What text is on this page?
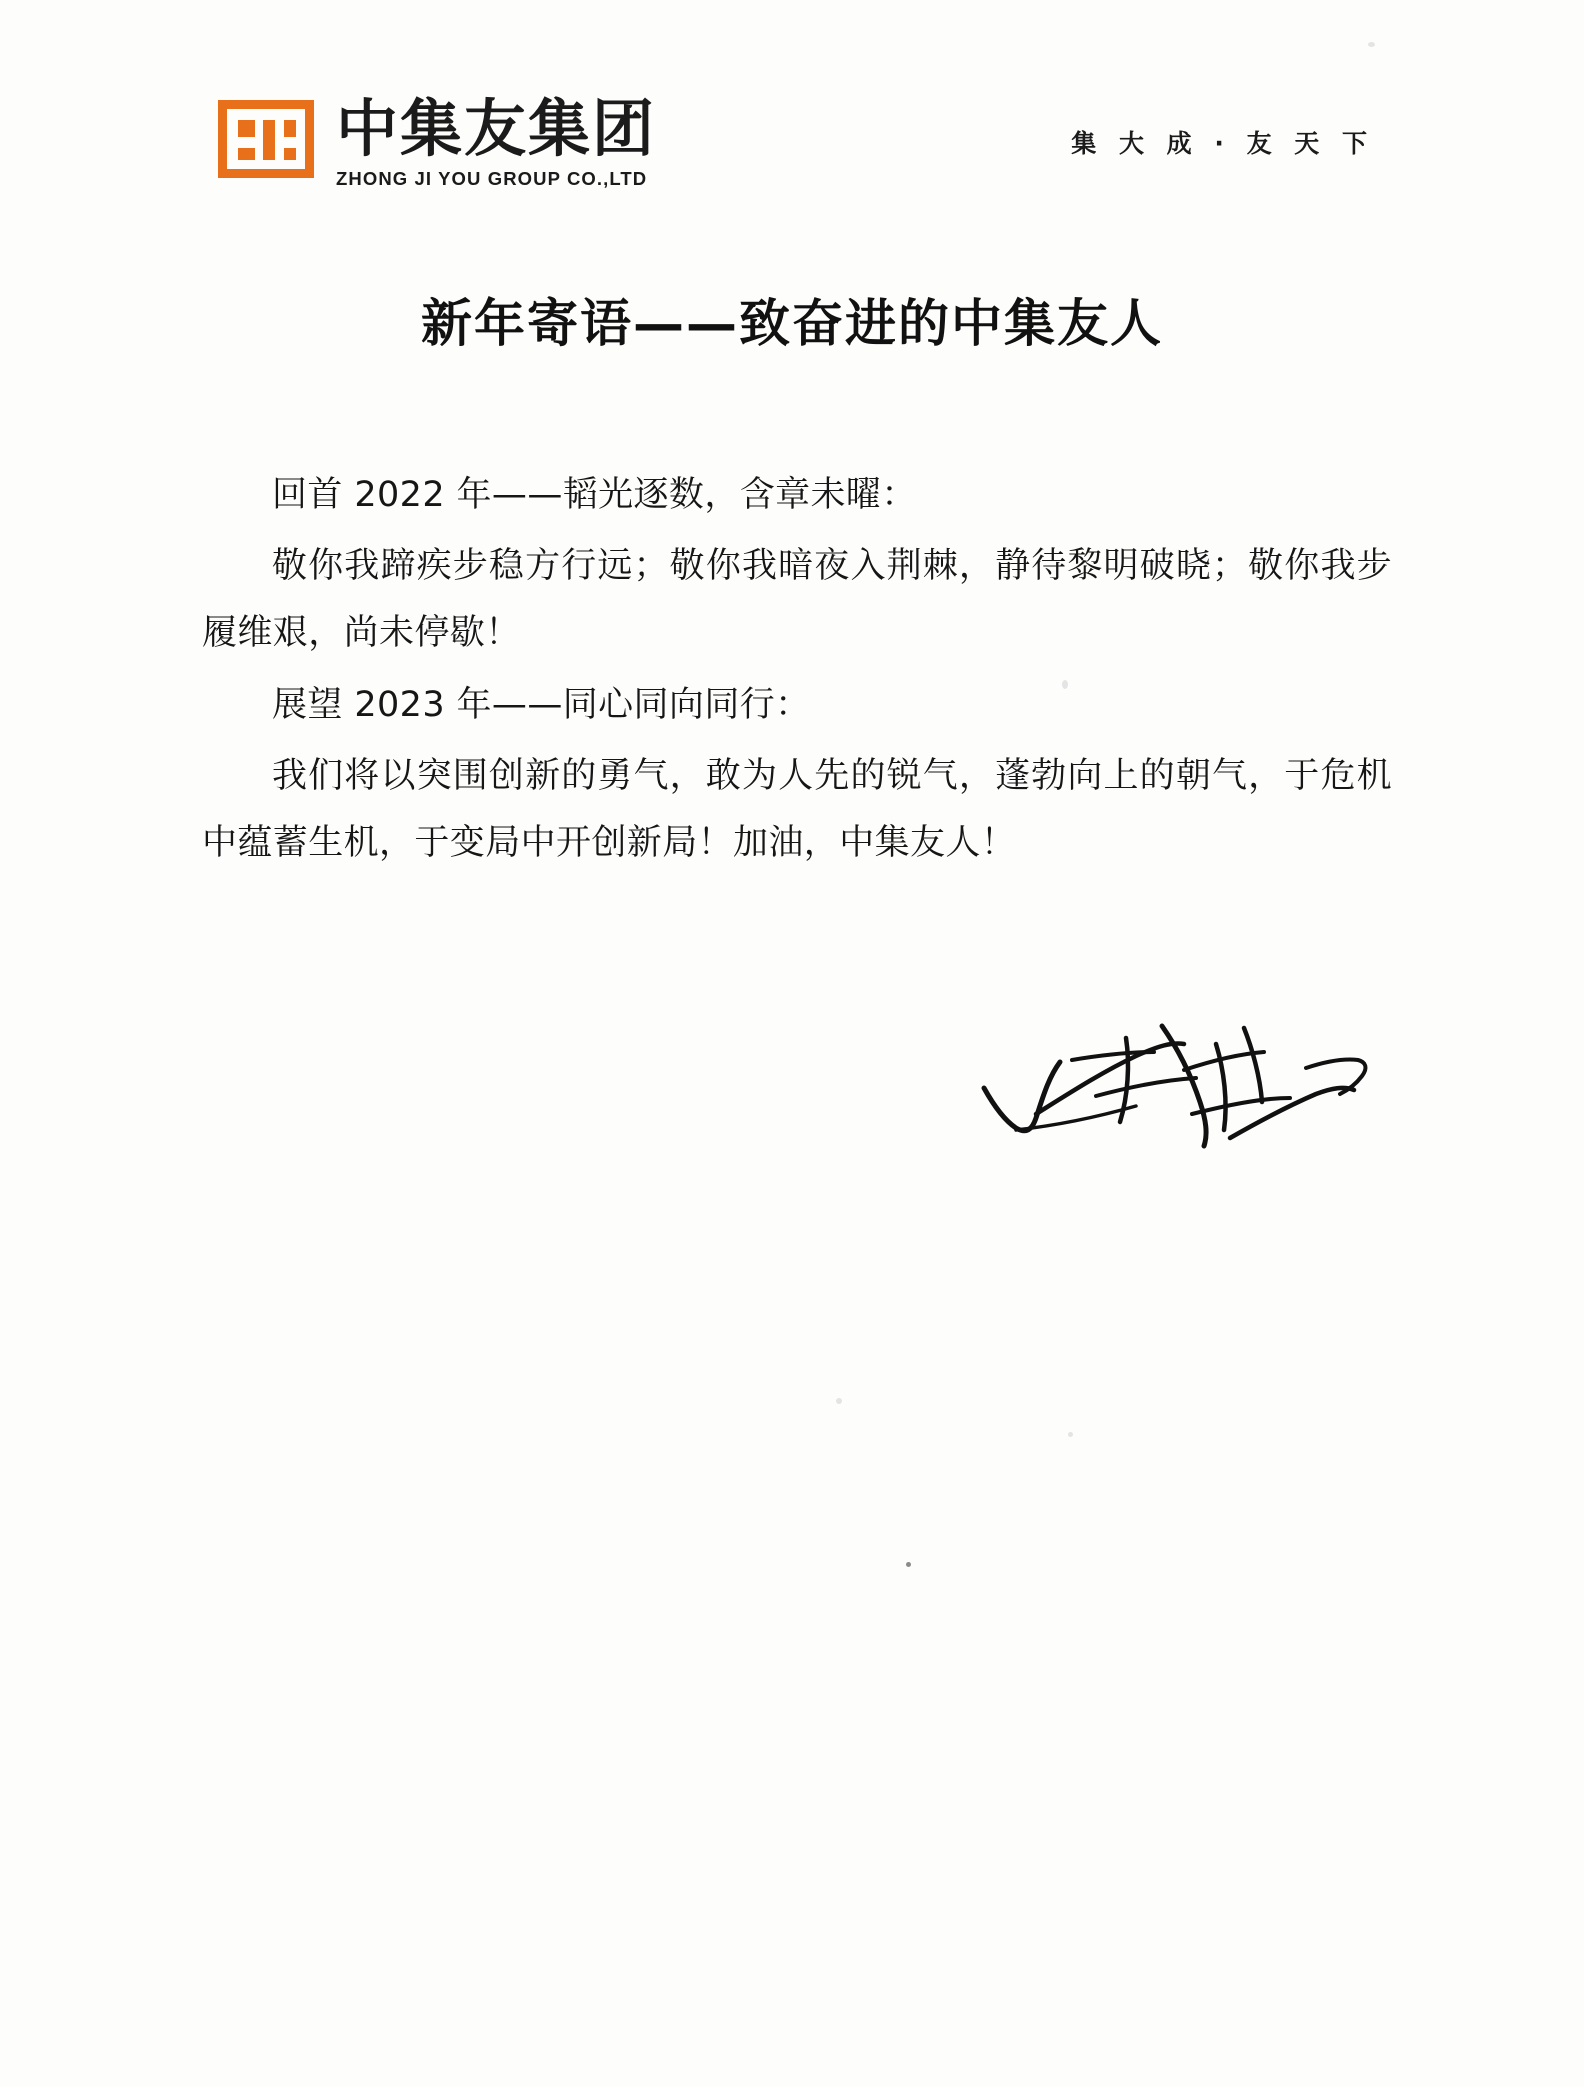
中集友集团
ZHONG JI YOU GROUP CO.,LTD
集 大 成 · 友 天 下
新年寄语——致奋进的中集友人

回首 2022 年——韬光逐数，含章未曜：

敬你我蹄疾步稳方行远；敬你我暗夜入荆棘，静待黎明破晓；敬你我步履维艰，尚未停歇！

展望 2023 年——同心同向同行：

我们将以突围创新的勇气，敢为人先的锐气，蓬勃向上的朝气，于危机中蕴蓄生机，于变局中开创新局！加油，中集友人！
